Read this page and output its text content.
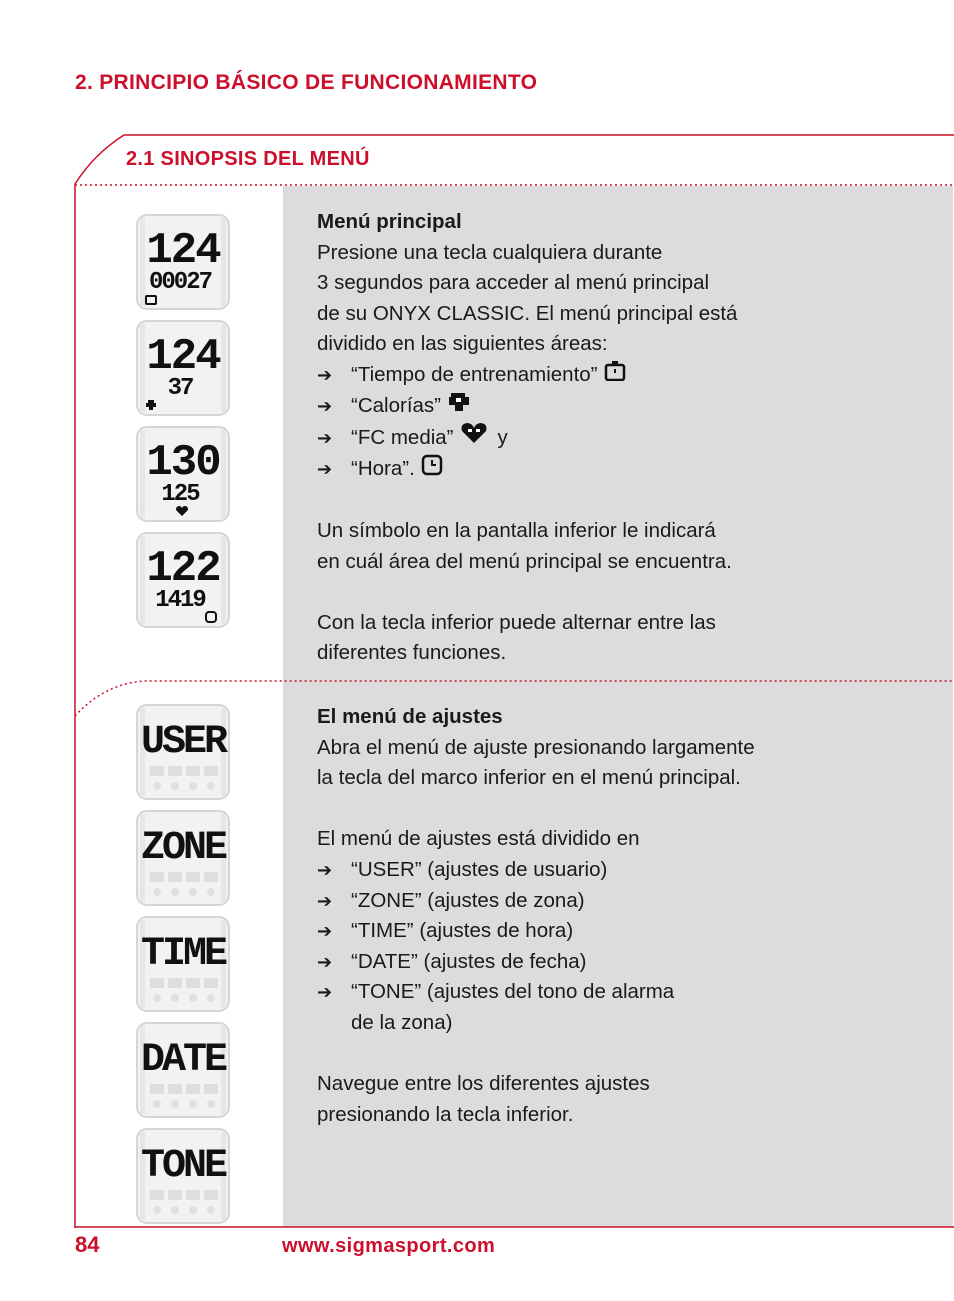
2. PRINCIPIO BÁSICO DE FUNCIONAMIENTO
2.1 SINOPSIS DEL MENÚ
124
00027
124
37
130
125
122
1419
USER
ZONE
TIME
DATE
TONE

Menú principal

Presione una tecla cualquiera durante

3 segundos para acceder al menú principal

de su ONYX CLASSIC. El menú principal está

dividido en las siguientes áreas:

➔ “Tiempo de entrenamiento”

➔ “Calorías”

➔ “FC media” y

➔ “Hora”.

Un símbolo en la pantalla inferior le indicará

en cuál área del menú principal se encuentra.

Con la tecla inferior puede alternar entre las

diferentes funciones.

El menú de ajustes

Abra el menú de ajuste presionando largamente

la tecla del marco inferior en el menú principal.

El menú de ajustes está dividido en

➔ “USER” (ajustes de usuario)

➔ “ZONE” (ajustes de zona)

➔ “TIME” (ajustes de hora)

➔ “DATE” (ajustes de fecha)

➔ “TONE” (ajustes del tono de alarma

de la zona)

Navegue entre los diferentes ajustes

presionando la tecla inferior.

84	www.sigmasport.com
